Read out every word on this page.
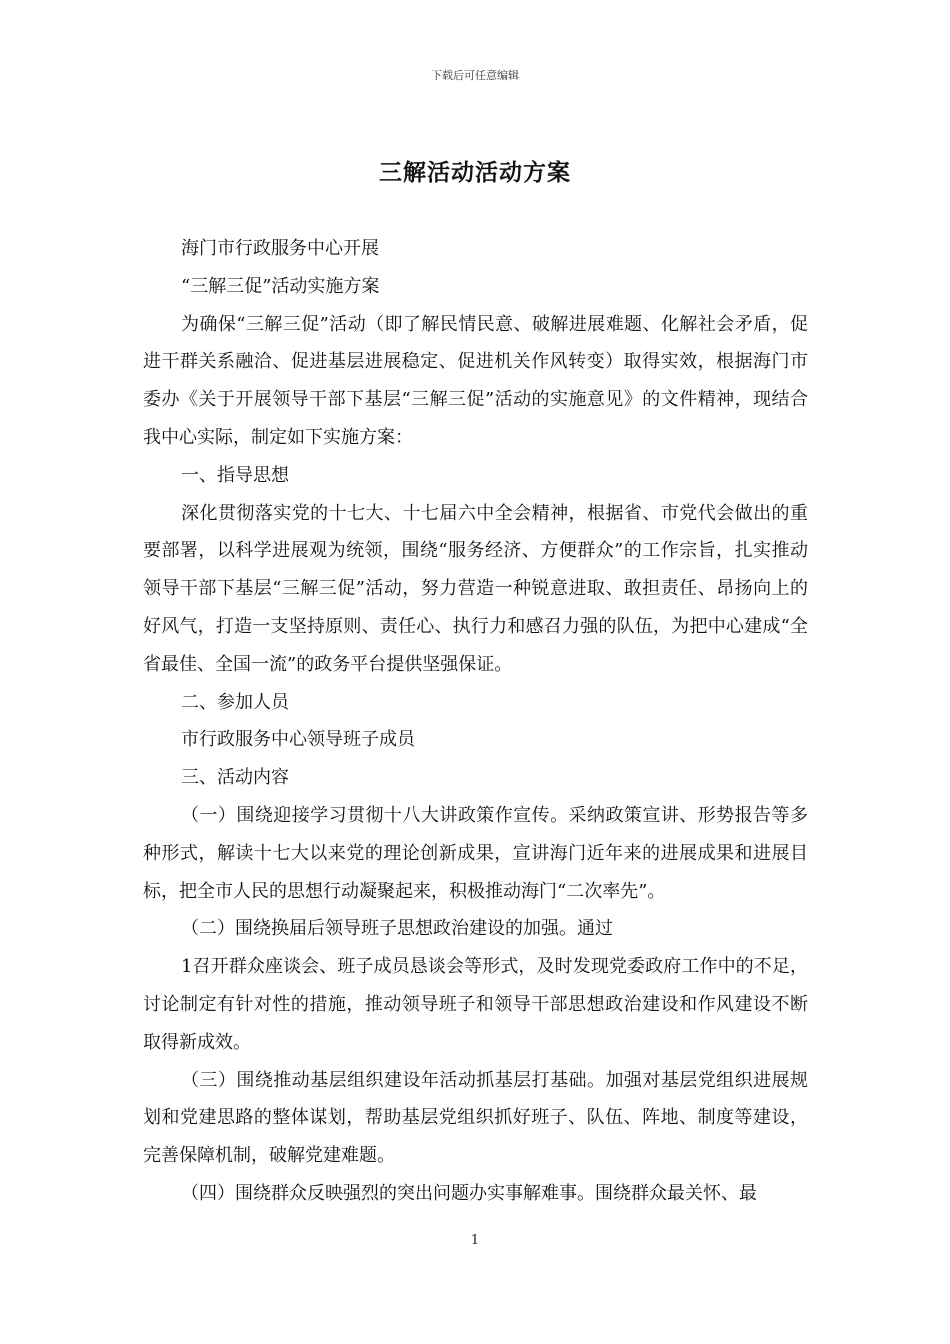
下载后可任意编辑
三解活动活动方案

海门市行政服务中心开展

“三解三促”活动实施方案

为确保“三解三促”活动（即了解民情民意、破解进展难题、化解社会矛盾，促进干群关系融洽、促进基层进展稳定、促进机关作风转变）取得实效，根据海门市委办《关于开展领导干部下基层“三解三促”活动的实施意见》的文件精神，现结合我中心实际，制定如下实施方案：

一、指导思想

深化贯彻落实党的十七大、十七届六中全会精神，根据省、市党代会做出的重要部署，以科学进展观为统领，围绕“服务经济、方便群众”的工作宗旨，扎实推动领导干部下基层“三解三促”活动，努力营造一种锐意进取、敢担责任、昂扬向上的好风气，打造一支坚持原则、责任心、执行力和感召力强的队伍，为把中心建成“全省最佳、全国一流”的政务平台提供坚强保证。

二、参加人员

市行政服务中心领导班子成员

三、活动内容

（一）围绕迎接学习贯彻十八大讲政策作宣传。采纳政策宣讲、形势报告等多种形式，解读十七大以来党的理论创新成果，宣讲海门近年来的进展成果和进展目标，把全市人民的思想行动凝聚起来，积极推动海门“二次率先”。

（二）围绕换届后领导班子思想政治建设的加强。通过

1召开群众座谈会、班子成员恳谈会等形式，及时发现党委政府工作中的不足，讨论制定有针对性的措施，推动领导班子和领导干部思想政治建设和作风建设不断取得新成效。

（三）围绕推动基层组织建设年活动抓基层打基础。加强对基层党组织进展规划和党建思路的整体谋划，帮助基层党组织抓好班子、队伍、阵地、制度等建设，完善保障机制，破解党建难题。

（四）围绕群众反映强烈的突出问题办实事解难事。围绕群众最关怀、最

1
